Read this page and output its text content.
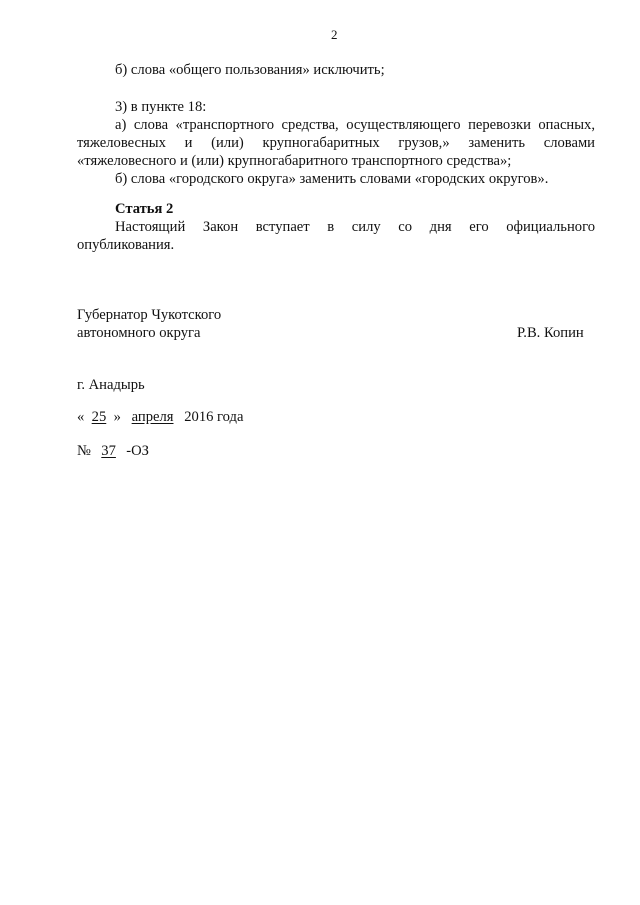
2
б) слова «общего пользования» исключить;
3) в пункте 18:
а) слова «транспортного средства, осуществляющего перевозки опасных,
тяжеловесных и (или) крупногабаритных грузов,» заменить словами
«тяжеловесного и (или) крупногабаритного транспортного средства»;
б) слова «городского округа» заменить словами «городских округов».
Статья 2
Настоящий Закон вступает в силу со дня его официального
опубликования.
Губернатор Чукотского
автономного округа	Р.В. Копин
г. Анадырь
« 25 » апреля 2016 года
№ 37 -ОЗ
